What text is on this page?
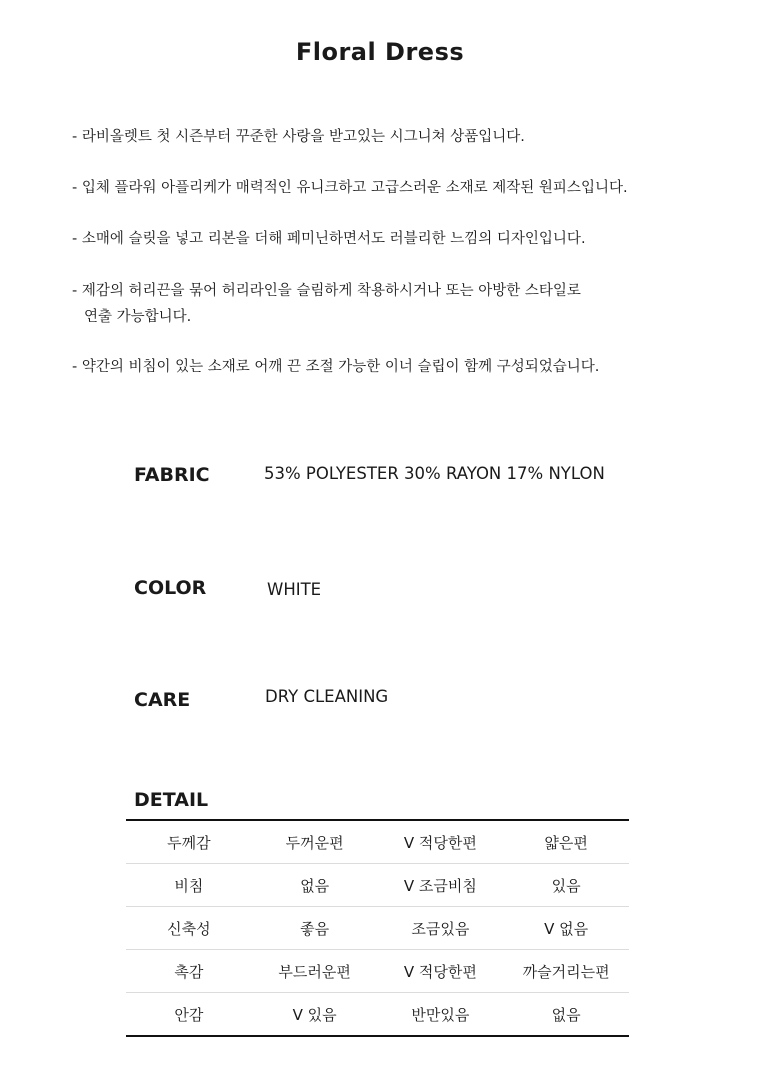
Floral Dress
- 라비올렛트 첫 시즌부터 꾸준한 사랑을 받고있는 시그니쳐 상품입니다.
- 입체 플라워 아플리케가 매력적인 유니크하고 고급스러운 소재로 제작된 원피스입니다.
- 소매에 슬릿을 넣고 리본을 더해 페미닌하면서도 러블리한 느낌의 디자인입니다.
- 제감의 허리끈을 묶어 허리라인을 슬림하게 착용하시거나 또는 아방한 스타일로
연출 가능합니다.
- 약간의 비침이 있는 소재로 어깨 끈 조절 가능한 이너 슬립이 함께 구성되었습니다.
FABRIC	53% POLYESTER 30% RAYON 17% NYLON
COLOR	WHITE
CARE	DRY CLEANING
DETAIL
두께감	두꺼운편	V 적당한편	얇은편
비침	없음	V 조금비침	있음
신축성	좋음	조금있음	V 없음
촉감	부드러운편	V 적당한편	까슬거리는편
안감	V 있음	반만있음	없음
